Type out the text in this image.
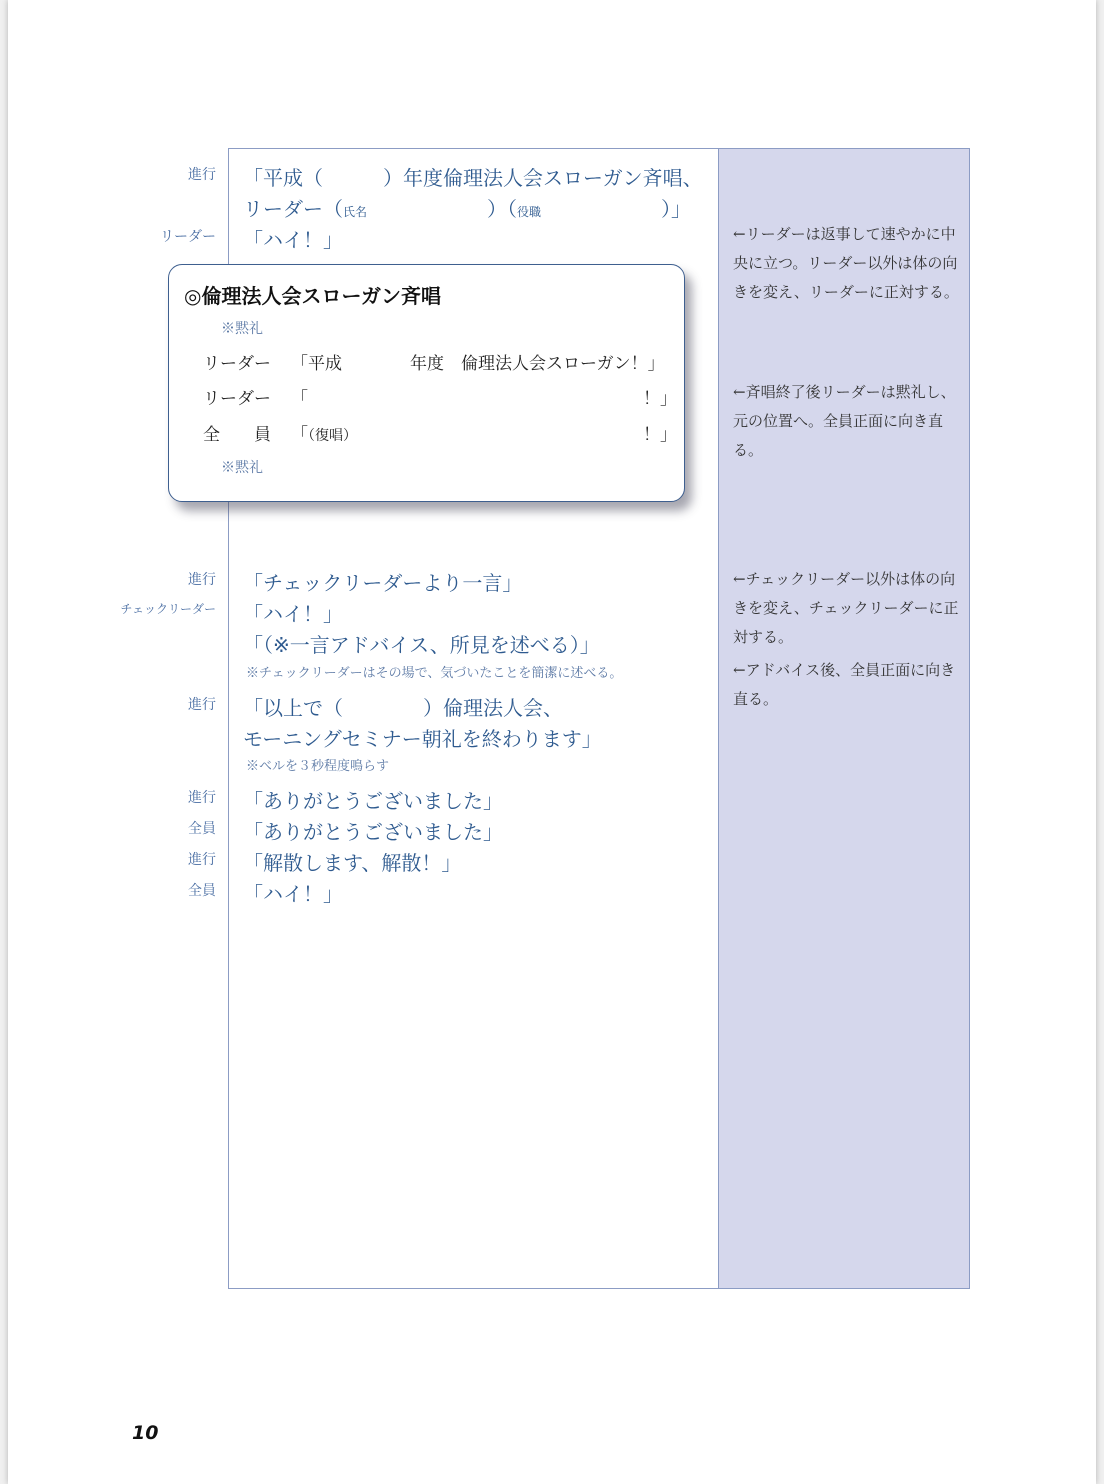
進行 「平成（　　　）年度倫理法人会スローガン斉唱、
リーダー（氏名	）（役職	）」
リーダー 「ハイ！」
◎倫理法人会スローガン斉唱
※黙礼
リーダー 「平成　　　　年度　倫理法人会スローガン！」
リーダー 「	！」
全　　員 「（復唱）	！」
※黙礼
進行 「チェックリーダーより一言」
チェックリーダー 「ハイ！」
「（※一言アドバイス、所見を述べる）」
※チェックリーダーはその場で、気づいたことを簡潔に述べる。
進行 「以上で（　　　　）倫理法人会、
モーニングセミナー朝礼を終わります」
※ベルを３秒程度鳴らす
進行 「ありがとうございました」
全員 「ありがとうございました」
進行 「解散します、解散！」
全員 「ハイ！」
←リーダーは返事して速やかに中央に立つ。リーダー以外は体の向きを変え、リーダーに正対する。
←斉唱終了後リーダーは黙礼し、元の位置へ。全員正面に向き直る。
←チェックリーダー以外は体の向きを変え、チェックリーダーに正対する。
←アドバイス後、全員正面に向き直る。
10
